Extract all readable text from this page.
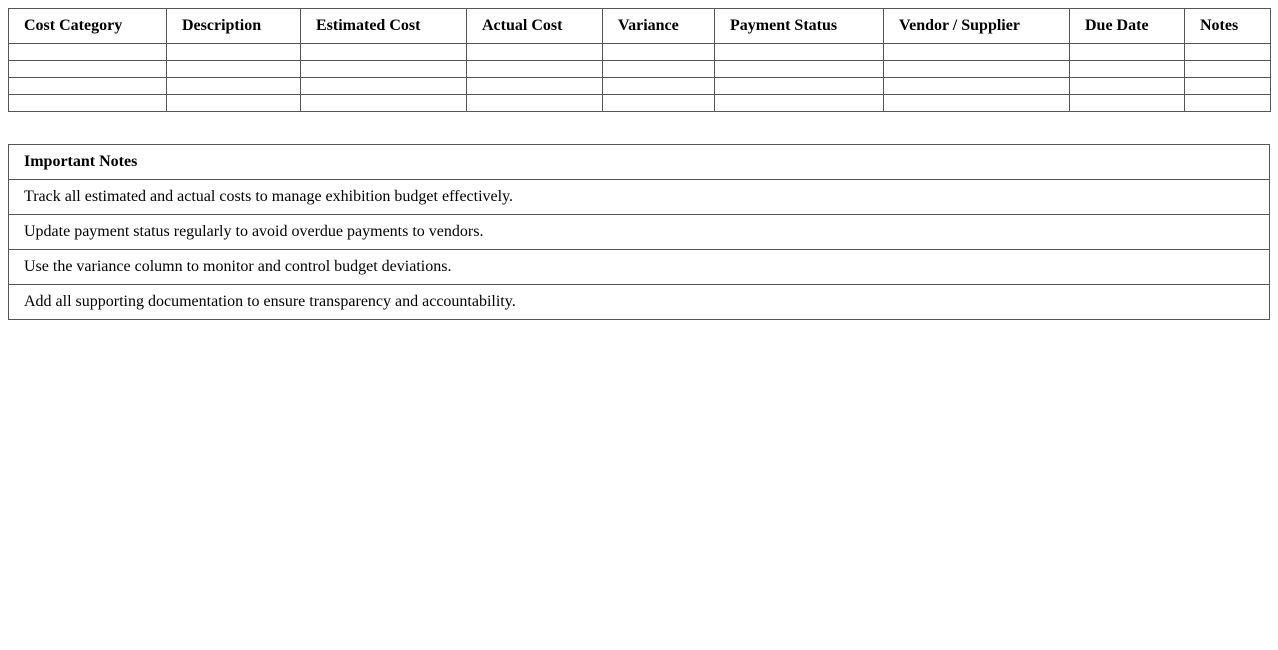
Cost Category	Description	Estimated Cost	Actual Cost	Variance	Payment Status	Vendor / Supplier	Due Date	Notes

Important Notes
Track all estimated and actual costs to manage exhibition budget effectively.
Update payment status regularly to avoid overdue payments to vendors.
Use the variance column to monitor and control budget deviations.
Add all supporting documentation to ensure transparency and accountability.
